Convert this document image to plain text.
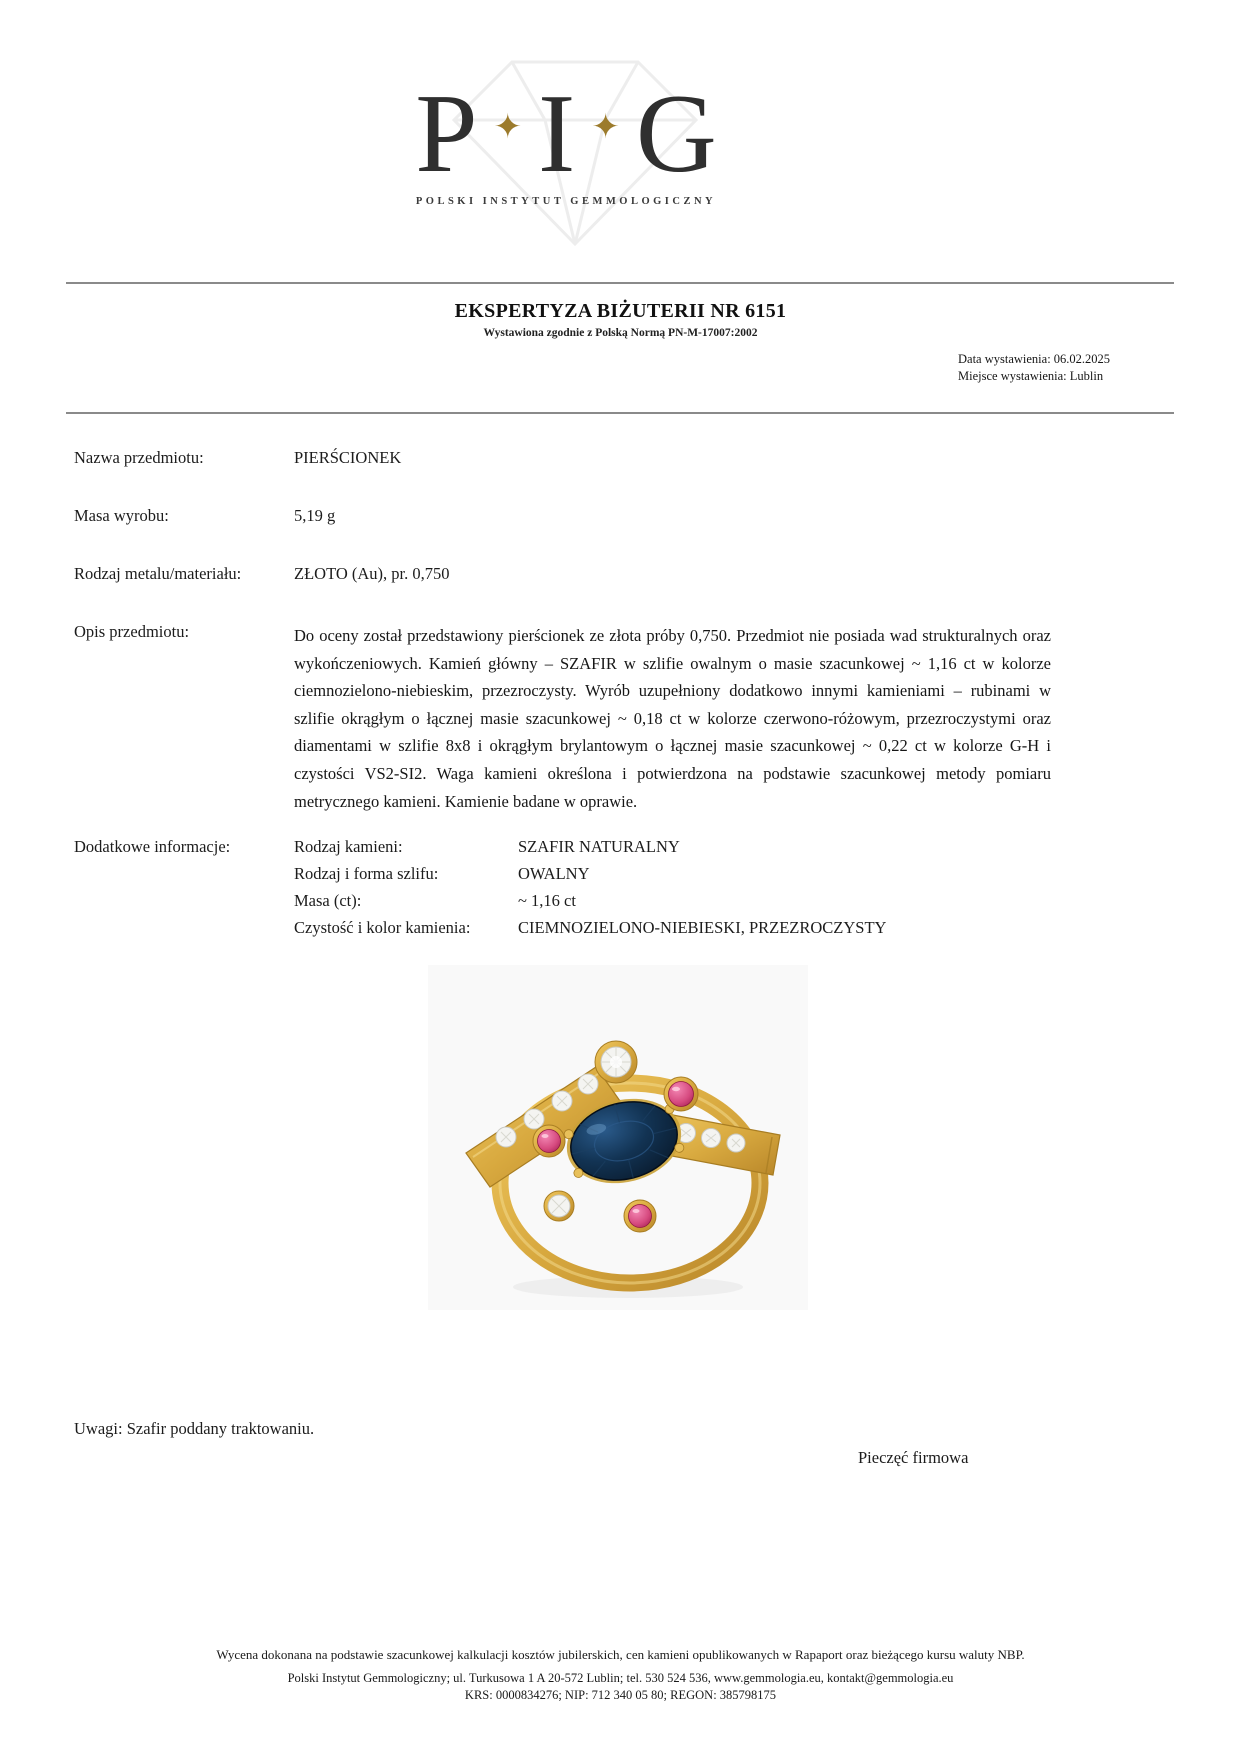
P ✦ I ✦ G
POLSKI INSTYTUT GEMMOLOGICZNY
EKSPERTYZA BIŻUTERII NR 6151
Wystawiona zgodnie z Polską Normą PN-M-17007:2002
Data wystawienia: 06.02.2025
Miejsce wystawienia: Lublin
Nazwa przedmiotu:	PIERŚCIONEK
Masa wyrobu:	5,19 g
Rodzaj metalu/materiału:	ZŁOTO (Au), pr. 0,750
Opis przedmiotu:	Do oceny został przedstawiony pierścionek ze złota próby 0,750. Przedmiot nie posiada wad strukturalnych oraz wykończeniowych. Kamień główny – SZAFIR w szlifie owalnym o masie szacunkowej ~ 1,16 ct w kolorze ciemnozielono-niebieskim, przezroczysty. Wyrób uzupełniony dodatkowo innymi kamieniami – rubinami w szlifie okrągłym o łącznej masie szacunkowej ~ 0,18 ct w kolorze czerwono-różowym, przezroczystymi oraz diamentami w szlifie 8x8 i okrągłym brylantowym o łącznej masie szacunkowej ~ 0,22 ct w kolorze G-H i czystości VS2-SI2. Waga kamieni określona i potwierdzona na podstawie szacunkowej metody pomiaru metrycznego kamieni. Kamienie badane w oprawie.
Dodatkowe informacje:	Rodzaj kamieni:	SZAFIR NATURALNY
Rodzaj i forma szlifu:	OWALNY
Masa (ct):	~ 1,16 ct
Czystość i kolor kamienia:	CIEMNOZIELONO-NIEBIESKI, PRZEZROCZYSTY
Uwagi: Szafir poddany traktowaniu.
Pieczęć firmowa
Wycena dokonana na podstawie szacunkowej kalkulacji kosztów jubilerskich, cen kamieni opublikowanych w Rapaport oraz bieżącego kursu waluty NBP.
Polski Instytut Gemmologiczny; ul. Turkusowa 1 A 20-572 Lublin; tel. 530 524 536, www.gemmologia.eu, kontakt@gemmologia.eu
KRS: 0000834276; NIP: 712 340 05 80; REGON: 385798175
